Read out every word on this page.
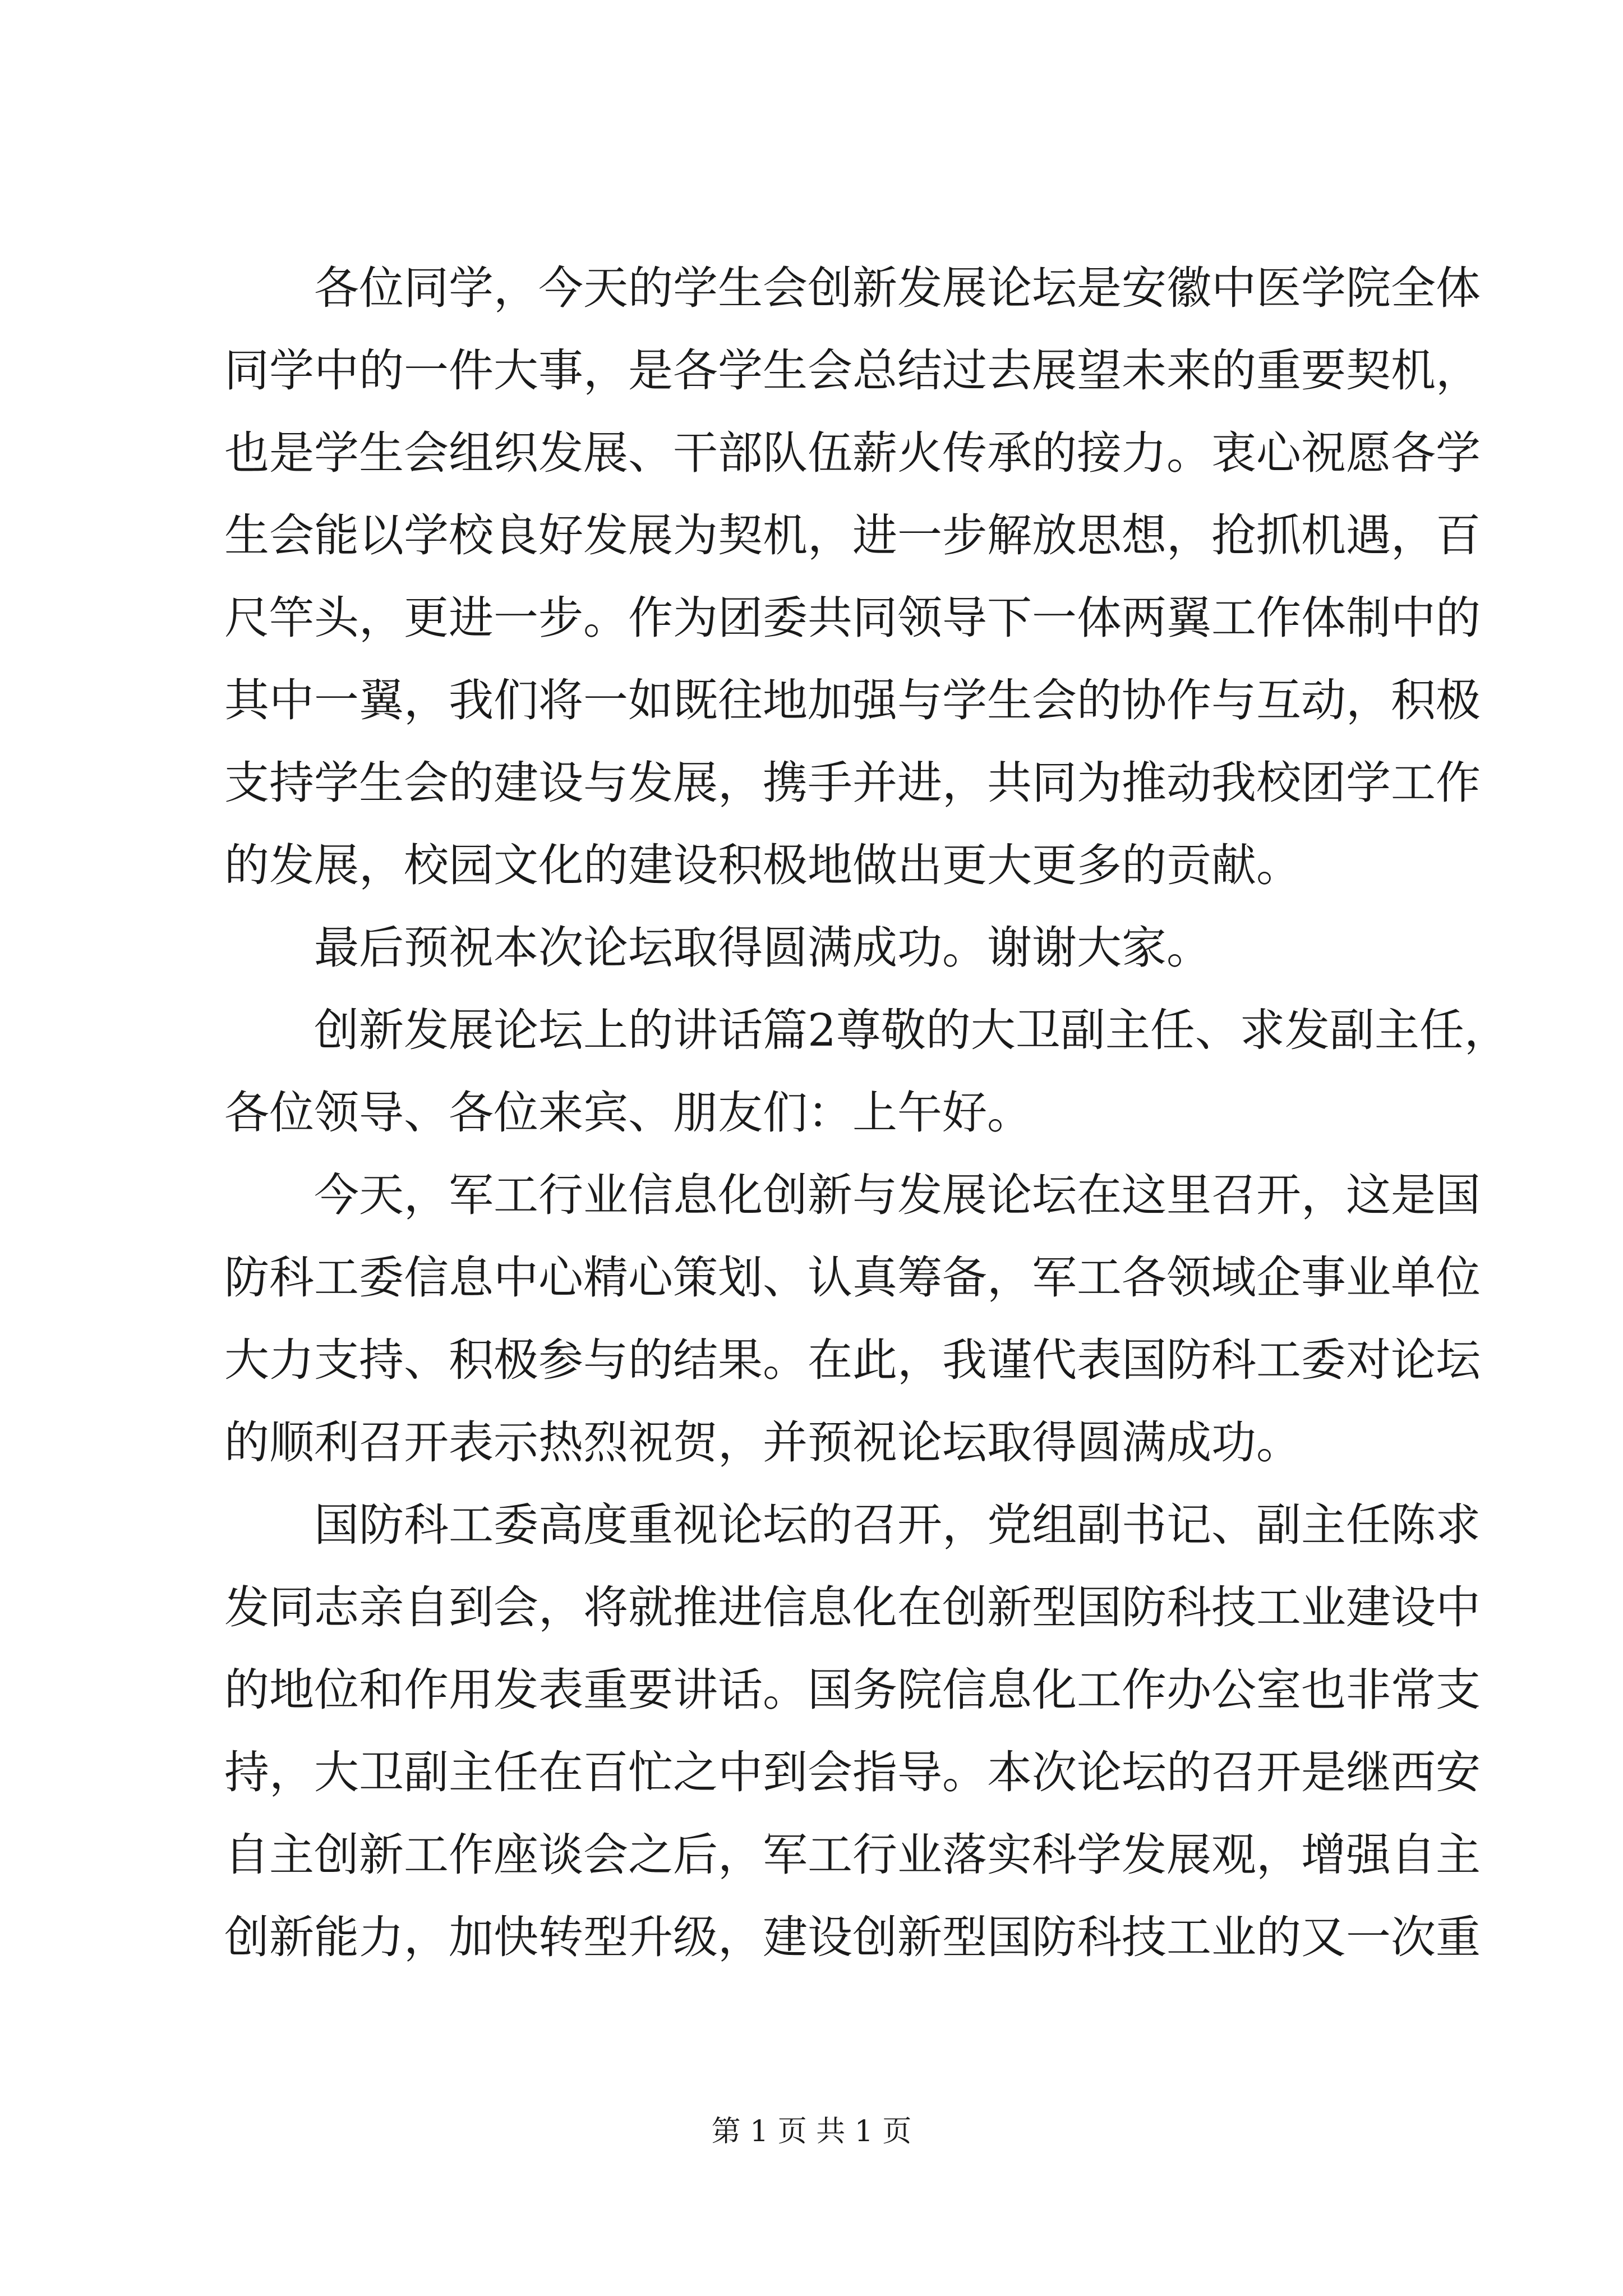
各位同学，今天的学生会创新发展论坛是安徽中医学院全体
同学中的一件大事，是各学生会总结过去展望未来的重要契机，
也是学生会组织发展、干部队伍薪火传承的接力。衷心祝愿各学
生会能以学校良好发展为契机，进一步解放思想，抢抓机遇，百
尺竿头，更进一步。作为团委共同领导下一体两翼工作体制中的
其中一翼，我们将一如既往地加强与学生会的协作与互动，积极
支持学生会的建设与发展，携手并进，共同为推动我校团学工作
的发展，校园文化的建设积极地做出更大更多的贡献。
最后预祝本次论坛取得圆满成功。谢谢大家。
创新发展论坛上的讲话篇2尊敬的大卫副主任、求发副主任，
各位领导、各位来宾、朋友们：上午好。
今天，军工行业信息化创新与发展论坛在这里召开，这是国
防科工委信息中心精心策划、认真筹备，军工各领域企事业单位
大力支持、积极参与的结果。在此，我谨代表国防科工委对论坛
的顺利召开表示热烈祝贺，并预祝论坛取得圆满成功。
国防科工委高度重视论坛的召开，党组副书记、副主任陈求
发同志亲自到会，将就推进信息化在创新型国防科技工业建设中
的地位和作用发表重要讲话。国务院信息化工作办公室也非常支
持，大卫副主任在百忙之中到会指导。本次论坛的召开是继西安
自主创新工作座谈会之后，军工行业落实科学发展观，增强自主
创新能力，加快转型升级，建设创新型国防科技工业的又一次重
第 1 页 共 1 页
